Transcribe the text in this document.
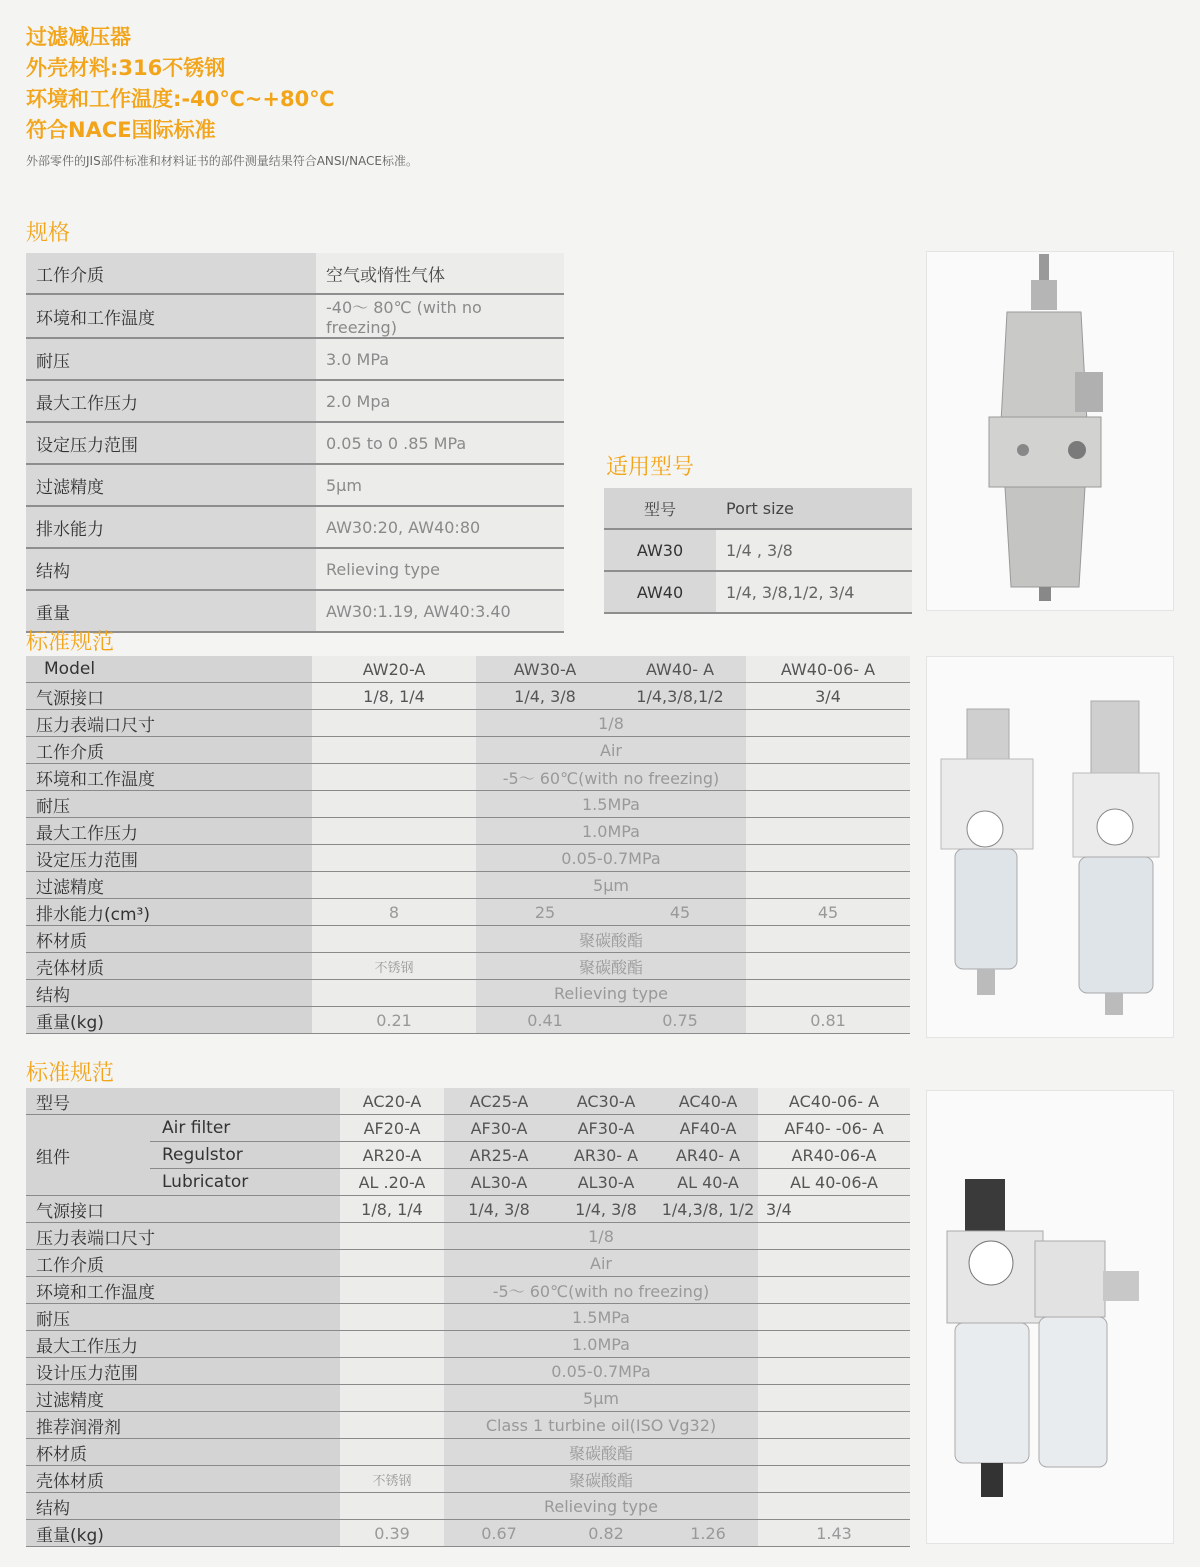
过滤减压器
外壳材料:316不锈钢
环境和工作温度:-40℃~+80℃
符合NACE国际标准
外部零件的JIS部件标准和材料证书的部件测量结果符合ANSI/NACE标准。
规格
工作介质	空气或惰性气体
环境和工作温度	-40～ 80℃ (with no freezing)
耐压	3.0 MPa
最大工作压力	2.0 Mpa
设定压力范围	0.05 to 0 .85 MPa
过滤精度	5μm
排水能力	AW30:20, AW40:80
结构	Relieving type
重量	AW30:1.19, AW40:3.40
适用型号
型号	Port size
AW30	1/4 , 3/8
AW40	1/4, 3/8,1/2, 3/4
标准规范
Model	AW20-A	AW30-A	AW40- A	AW40-06- A
气源接口	1/8, 1/4	1/4, 3/8	1/4,3/8,1/2	3/4
压力表端口尺寸		1/8		
工作介质		Air		
环境和工作温度		-5～ 60℃(with no freezing)		
耐压		1.5MPa		
最大工作压力		1.0MPa		
设定压力范围		0.05-0.7MPa		
过滤精度		5μm		
排水能力(cm³)	8	25	45	45
杯材质		聚碳酸酯		
壳体材质	不锈钢	聚碳酸酯		
结构		Relieving type		
重量(kg)	0.21	0.41	0.75	0.81
标准规范
型号		AC20-A	AC25-A	AC30-A	AC40-A	AC40-06- A
组件	Air filter	AF20-A	AF30-A	AF30-A	AF40-A	AF40- -06- A
	Regulstor	AR20-A	AR25-A	AR30- A	AR40- A	AR40-06-A
	Lubricator	AL .20-A	AL30-A	AL30-A	AL 40-A	AL 40-06-A
气源接口		1/8, 1/4	1/4, 3/8	1/4, 3/8	1/4,3/8, 1/2	3/4
压力表端口尺寸			1/8			
工作介质			Air			
环境和工作温度			-5～ 60℃(with no freezing)			
耐压			1.5MPa			
最大工作压力			1.0MPa			
设计压力范围			0.05-0.7MPa			
过滤精度			5μm			
推荐润滑剂			Class 1 turbine oil(ISO Vg32)			
杯材质			聚碳酸酯			
壳体材质		不锈钢	聚碳酸酯			
结构			Relieving type			
重量(kg)		0.39	0.67	0.82	1.26	1.43
